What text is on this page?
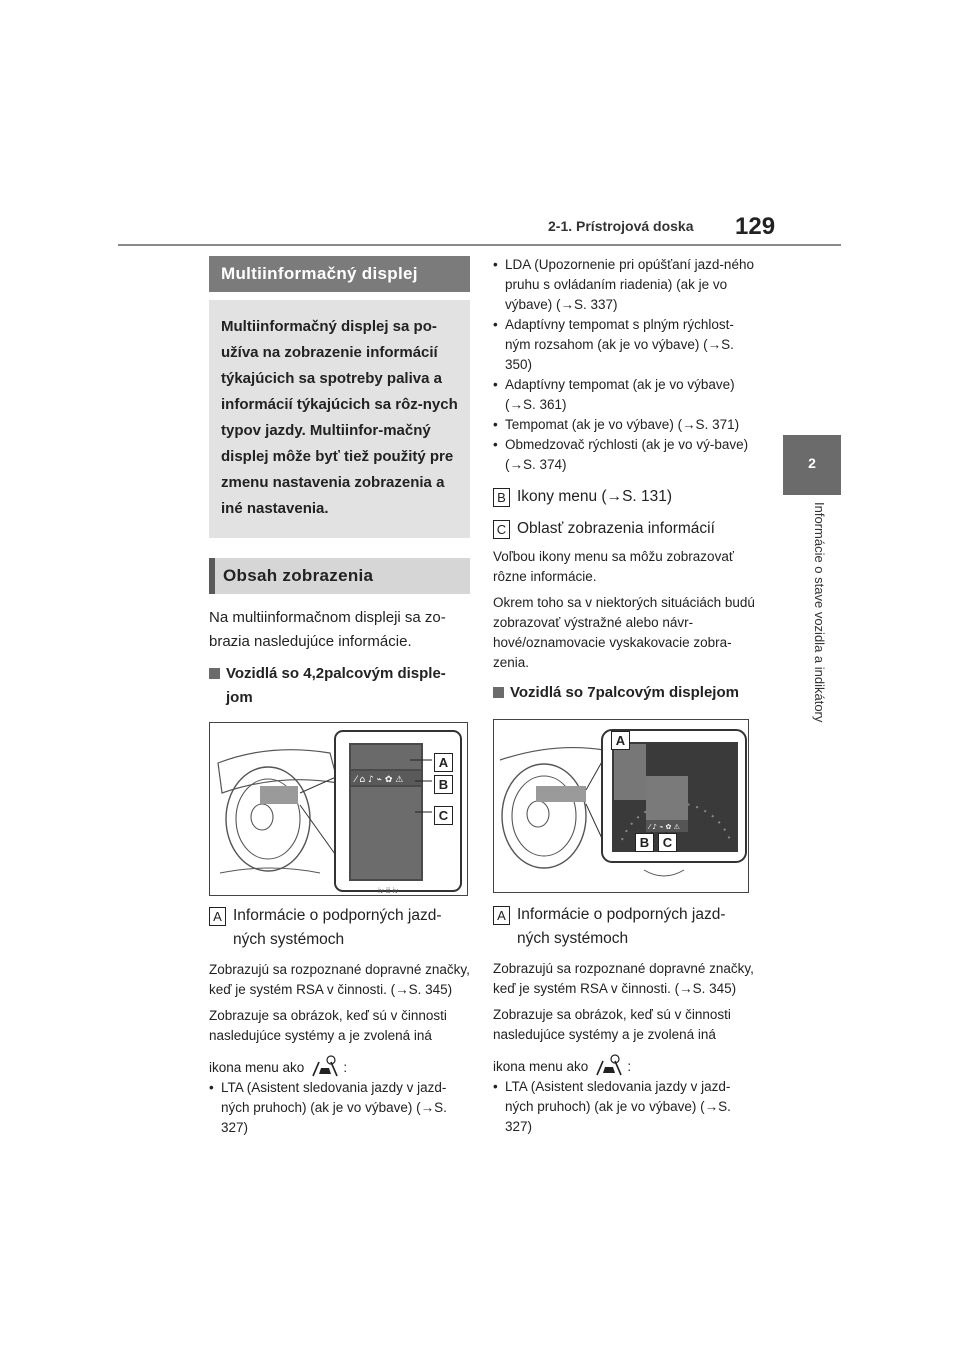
2-1. Prístrojová doska 129
2
Informácie o stave vozidla a indikátory
Multiinformačný displej
Multiinformačný displej sa po-užíva na zobrazenie informácií týkajúcich sa spotreby paliva a informácií týkajúcich sa rôz-nych typov jazdy. Multiinfor-mačný displej môže byť tiež použitý pre zmenu nastavenia zobrazenia a iné nastavenia.
Obsah zobrazenia

Na multiinformačnom displeji sa zo-brazia nasledujúce informácie.

Vozidlá so 4,2palcovým disple-jom
⁄ ⌂ ♪ ⌁ ✿ ⚠
ⅳ ⅲ ⅳ
A
B
C
A Informácie o podporných jazd-ných systémoch

Zobrazujú sa rozpoznané dopravné značky, keď je systém RSA v činnosti. (→S. 345)

Zobrazuje sa obrázok, keď sú v činnosti nasledujúce systémy a je zvolená iná

ikona menu ako	:

• LTA (Asistent sledovania jazdy v jazd-ných pruhoch) (ak je vo výbave) (→S. 327)
• LDA (Upozornenie pri opúšťaní jazd-ného pruhu s ovládaním riadenia) (ak je vo výbave) (→S. 337)
• Adaptívny tempomat s plným rýchlost-ným rozsahom (ak je vo výbave) (→S. 350)
• Adaptívny tempomat (ak je vo výbave) (→S. 361)
• Tempomat (ak je vo výbave) (→S. 371)
• Obmedzovač rýchlosti (ak je vo vý-bave) (→S. 374)
B Ikony menu (→S. 131)
C Oblasť zobrazenia informácií

Voľbou ikony menu sa môžu zobrazovať rôzne informácie.

Okrem toho sa v niektorých situáciách budú zobrazovať výstražné alebo návr-hové/oznamovacie vyskakovacie zobra-zenia.

Vozidlá so 7palcovým displejom
⁄ ♪ ⌁ ✿ ⚠
A
B	C
A Informácie o podporných jazd-ných systémoch

Zobrazujú sa rozpoznané dopravné značky, keď je systém RSA v činnosti. (→S. 345)

Zobrazuje sa obrázok, keď sú v činnosti nasledujúce systémy a je zvolená iná

ikona menu ako	:

• LTA (Asistent sledovania jazdy v jazd-ných pruhoch) (ak je vo výbave) (→S. 327)
